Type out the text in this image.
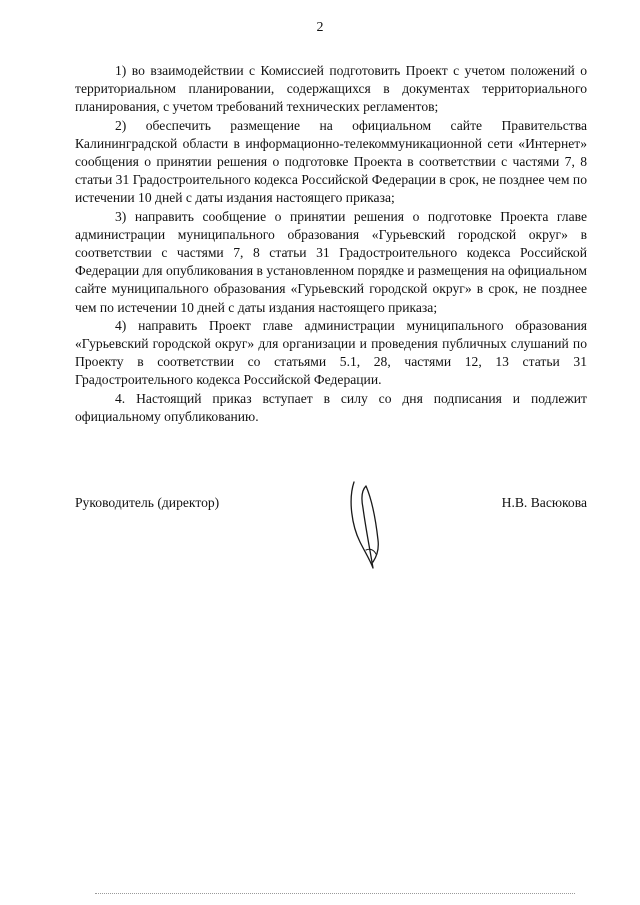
2

1) во взаимодействии с Комиссией подготовить Проект с учетом положений о территориальном планировании, содержащихся в документах территориального планирования, с учетом требований технических регламентов;

2) обеспечить размещение на официальном сайте Правительства Калининградской области в информационно-телекоммуникационной сети «Интернет» сообщения о принятии решения о подготовке Проекта в соответствии с частями 7, 8 статьи 31 Градостроительного кодекса Российской Федерации в срок, не позднее чем по истечении 10 дней с даты издания настоящего приказа;

3) направить сообщение о принятии решения о подготовке Проекта главе администрации муниципального образования «Гурьевский городской округ» в соответствии с частями 7, 8 статьи 31 Градостроительного кодекса Российской Федерации для опубликования в установленном порядке и размещения на официальном сайте муниципального образования «Гурьевский городской округ» в срок, не позднее чем по истечении 10 дней с даты издания настоящего приказа;

4) направить Проект главе администрации муниципального образования «Гурьевский городской округ» для организации и проведения публичных слушаний по Проекту в соответствии со статьями 5.1, 28, частями 12, 13 статьи 31 Градостроительного кодекса Российской Федерации.

4. Настоящий приказ вступает в силу со дня подписания и подлежит официальному опубликованию.

Руководитель (директор)	Н.В. Васюкова
